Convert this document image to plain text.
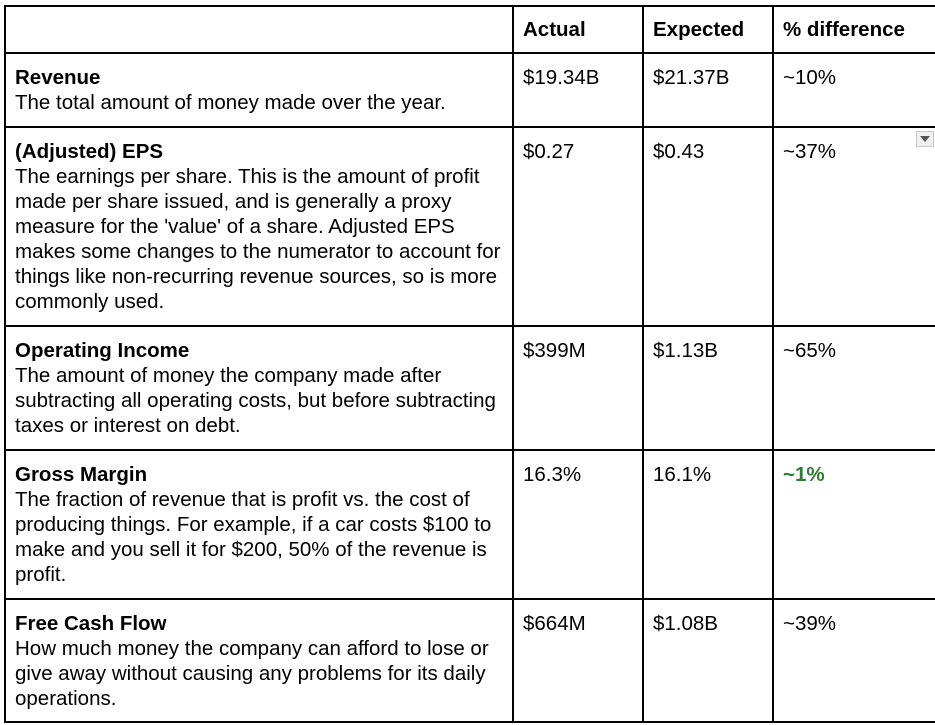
	Actual	Expected	% difference

Revenue
The total amount of money made over the year.	$19.34B	$21.37B	~10%

(Adjusted) EPS
The earnings per share. This is the amount of profit made per share issued, and is generally a proxy measure for the 'value' of a share. Adjusted EPS makes some changes to the numerator to account for things like non-recurring revenue sources, so is more commonly used.	$0.27	$0.43	~37%

Operating Income
The amount of money the company made after subtracting all operating costs, but before subtracting taxes or interest on debt.	$399M	$1.13B	~65%

Gross Margin
The fraction of revenue that is profit vs. the cost of producing things. For example, if a car costs $100 to make and you sell it for $200, 50% of the revenue is profit.	16.3%	16.1%	~1%

Free Cash Flow
How much money the company can afford to lose or give away without causing any problems for its daily operations.	$664M	$1.08B	~39%
